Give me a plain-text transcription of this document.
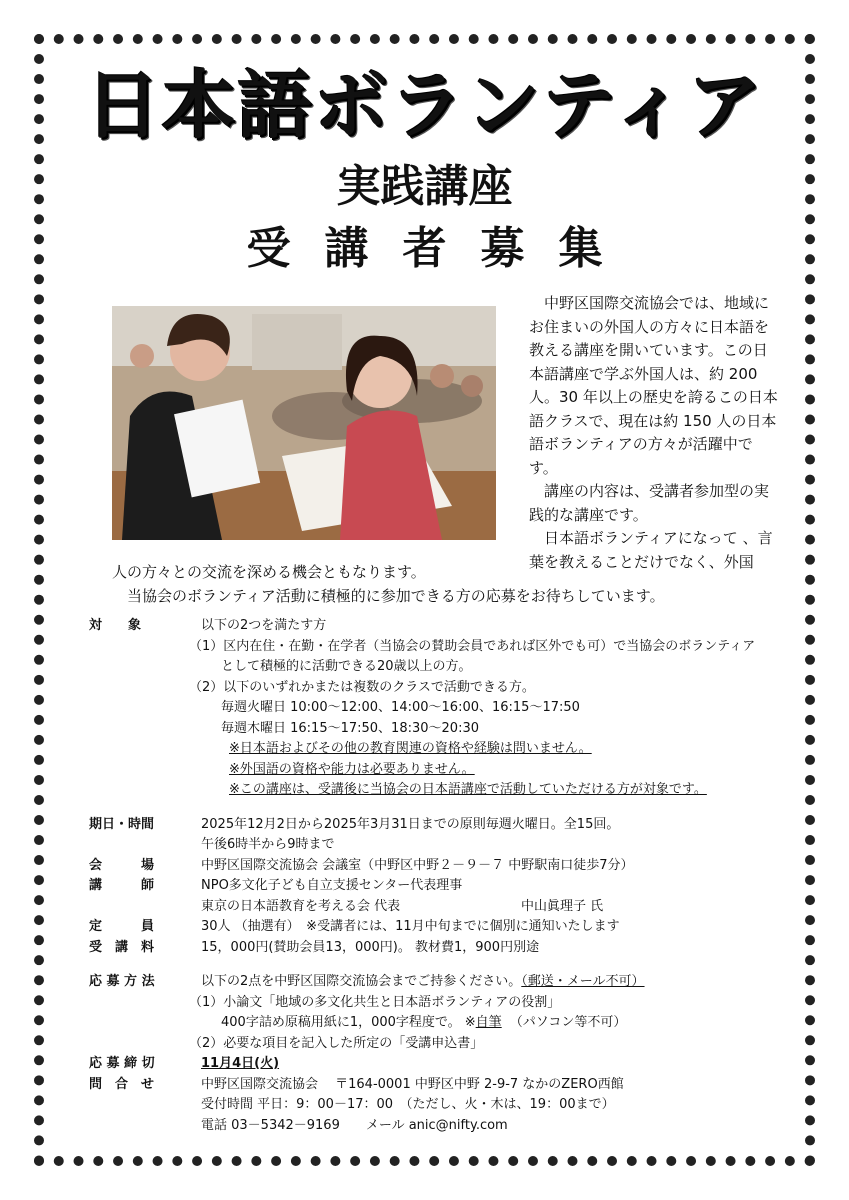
日本語ボランティア
実践講座
受講者募集

中野区国際交流協会では、地域にお住まいの外国人の方々に日本語を教える講座を開いています。この日本語講座で学ぶ外国人は、約 200 人。30 年以上の歴史を誇るこの日本語クラスで、現在は約 150 人の日本語ボランティアの方々が活躍中です。

講座の内容は、受講者参加型の実践的な講座です。

日本語ボランティアになって 、言葉を教えることだけでなく、外国

人の方々との交流を深める機会ともなります。

当協会のボランティア活動に積極的に参加できる方の応募をお待ちしています。

対　　象	以下の2つを満たす方
（1）区内在住・在勤・在学者（当協会の賛助会員であれば区外でも可）で当協会のボランティア
として積極的に活動できる20歳以上の方。
（2）以下のいずれかまたは複数のクラスで活動できる方。
毎週火曜日 10:00～12:00、14:00～16:00、16:15～17:50
毎週木曜日 16:15～17:50、18:30～20:30
※日本語およびその他の教育関連の資格や経験は問いません。
※外国語の資格や能力は必要ありません。
※この講座は、受講後に当協会の日本語講座で活動していただける方が対象です。
期日・時間	2025年12月2日から2025年3月31日までの原則毎週火曜日。全15回。
午後6時半から9時まで
会　　　場	中野区国際交流協会 会議室（中野区中野２－９－７ 中野駅南口徒歩7分）
講　　　師	NPO多文化子ども自立支援センター代表理事
東京の日本語教育を考える会 代表	中山眞理子 氏
定　　　員	30人 （抽選有）　※受講者には、11月中旬までに個別に通知いたします
受　講　料	15，000円(賛助会員13，000円)。 教材費1，900円別途
応 募 方 法	以下の2点を中野区国際交流協会までご持参ください。（郵送・メール不可）
（1）小論文「地域の多文化共生と日本語ボランティアの役割」
400字詰め原稿用紙に1，000字程度で。 ※自筆 （パソコン等不可）
（2）必要な項目を記入した所定の「受講申込書」
応 募 締 切	11月4日(火)
問　合　せ	中野区国際交流協会　 〒164-0001 中野区中野 2-9-7 なかのZERO西館
受付時間 平日：9：00－17：00　（ただし、火・木は、19：00まで）
電話 03－5342－9169　　メール anic@nifty.com
